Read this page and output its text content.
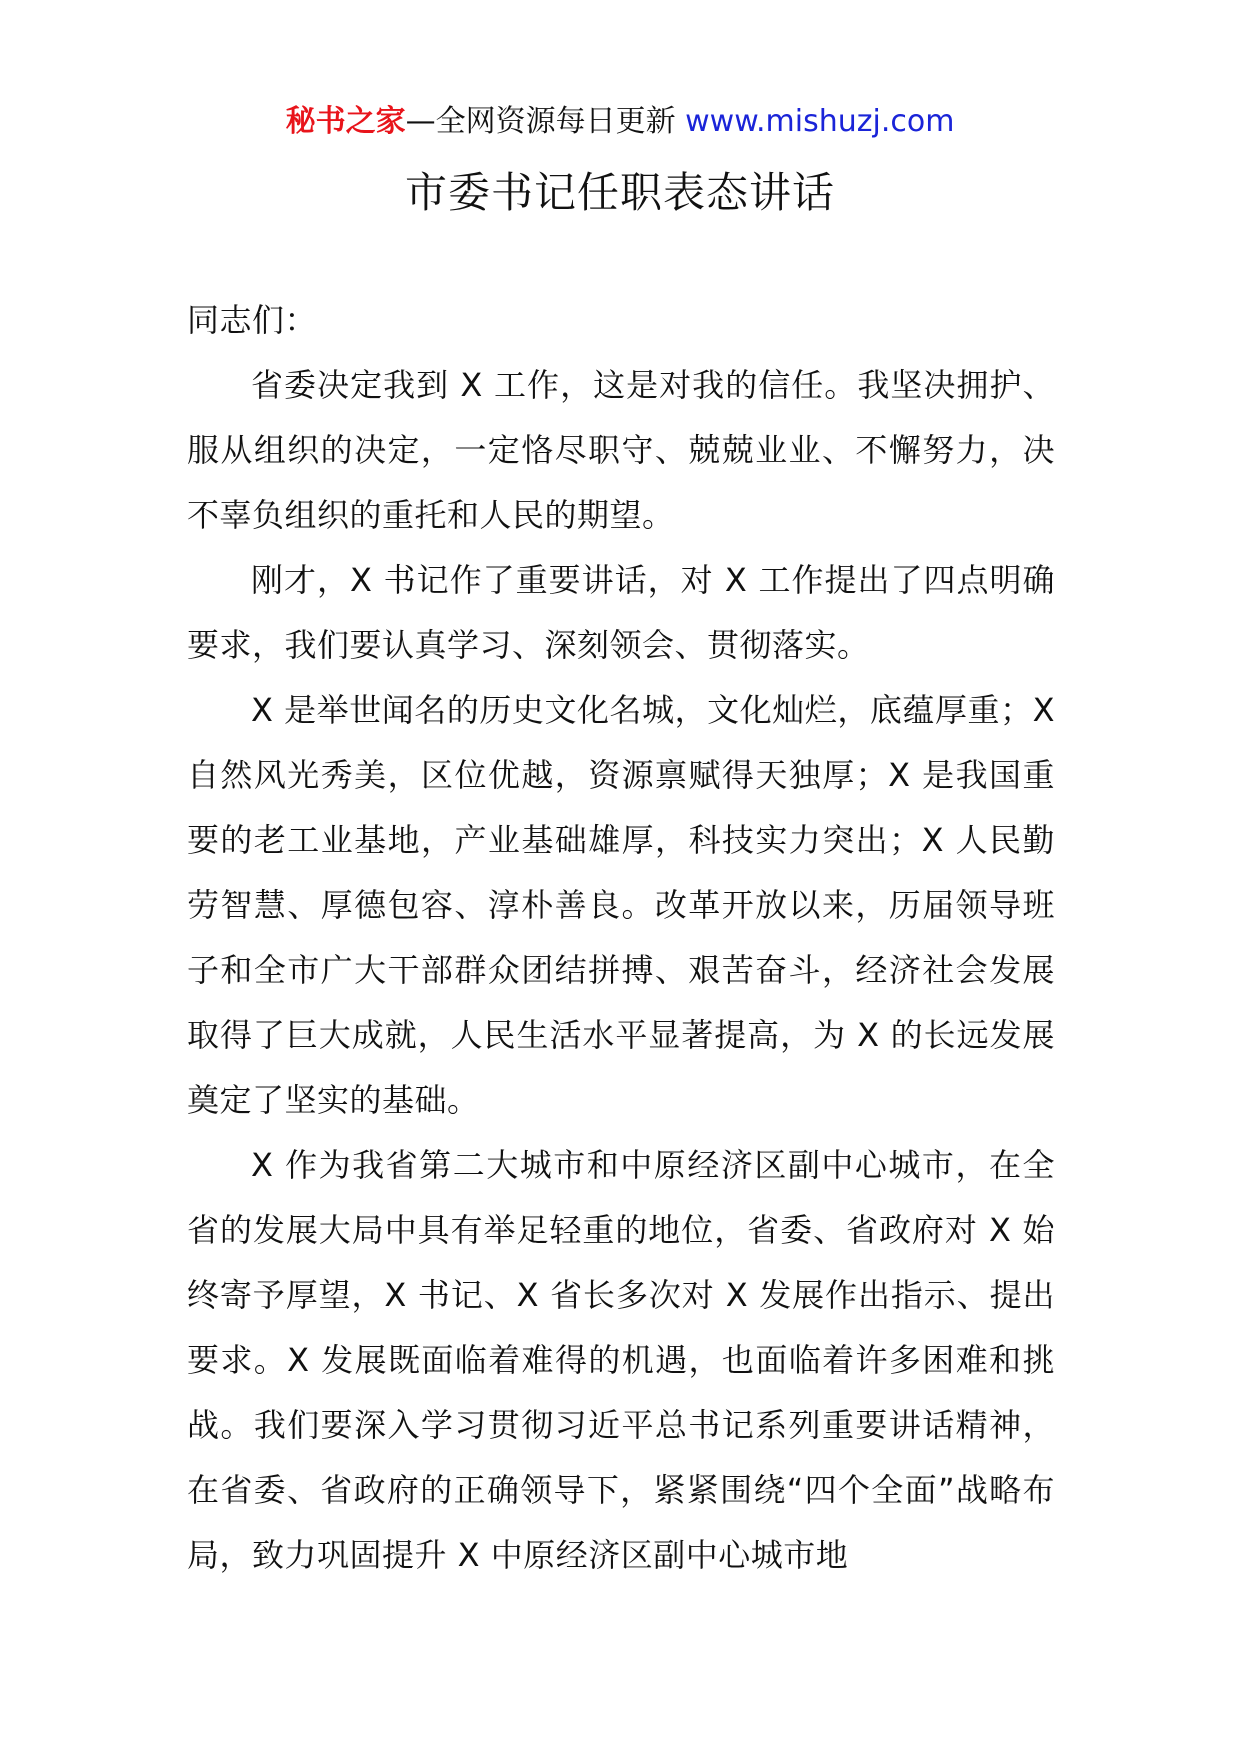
秘书之家—全网资源每日更新 www.mishuzj.com
市委书记任职表态讲话

同志们：

省委决定我到 X 工作，这是对我的信任。我坚决拥护、服从组织的决定，一定恪尽职守、兢兢业业、不懈努力，决不辜负组织的重托和人民的期望。

刚才，X 书记作了重要讲话，对 X 工作提出了四点明确要求，我们要认真学习、深刻领会、贯彻落实。

X 是举世闻名的历史文化名城，文化灿烂，底蕴厚重；X 自然风光秀美，区位优越，资源禀赋得天独厚；X 是我国重要的老工业基地，产业基础雄厚，科技实力突出；X 人民勤劳智慧、厚德包容、淳朴善良。改革开放以来，历届领导班子和全市广大干部群众团结拼搏、艰苦奋斗，经济社会发展取得了巨大成就，人民生活水平显著提高，为 X 的长远发展奠定了坚实的基础。

X 作为我省第二大城市和中原经济区副中心城市，在全省的发展大局中具有举足轻重的地位，省委、省政府对 X 始终寄予厚望，X 书记、X 省长多次对 X 发展作出指示、提出要求。X 发展既面临着难得的机遇，也面临着许多困难和挑战。我们要深入学习贯彻习近平总书记系列重要讲话精神，在省委、省政府的正确领导下，紧紧围绕“四个全面”战略布局，致力巩固提升 X 中原经济区副中心城市地
